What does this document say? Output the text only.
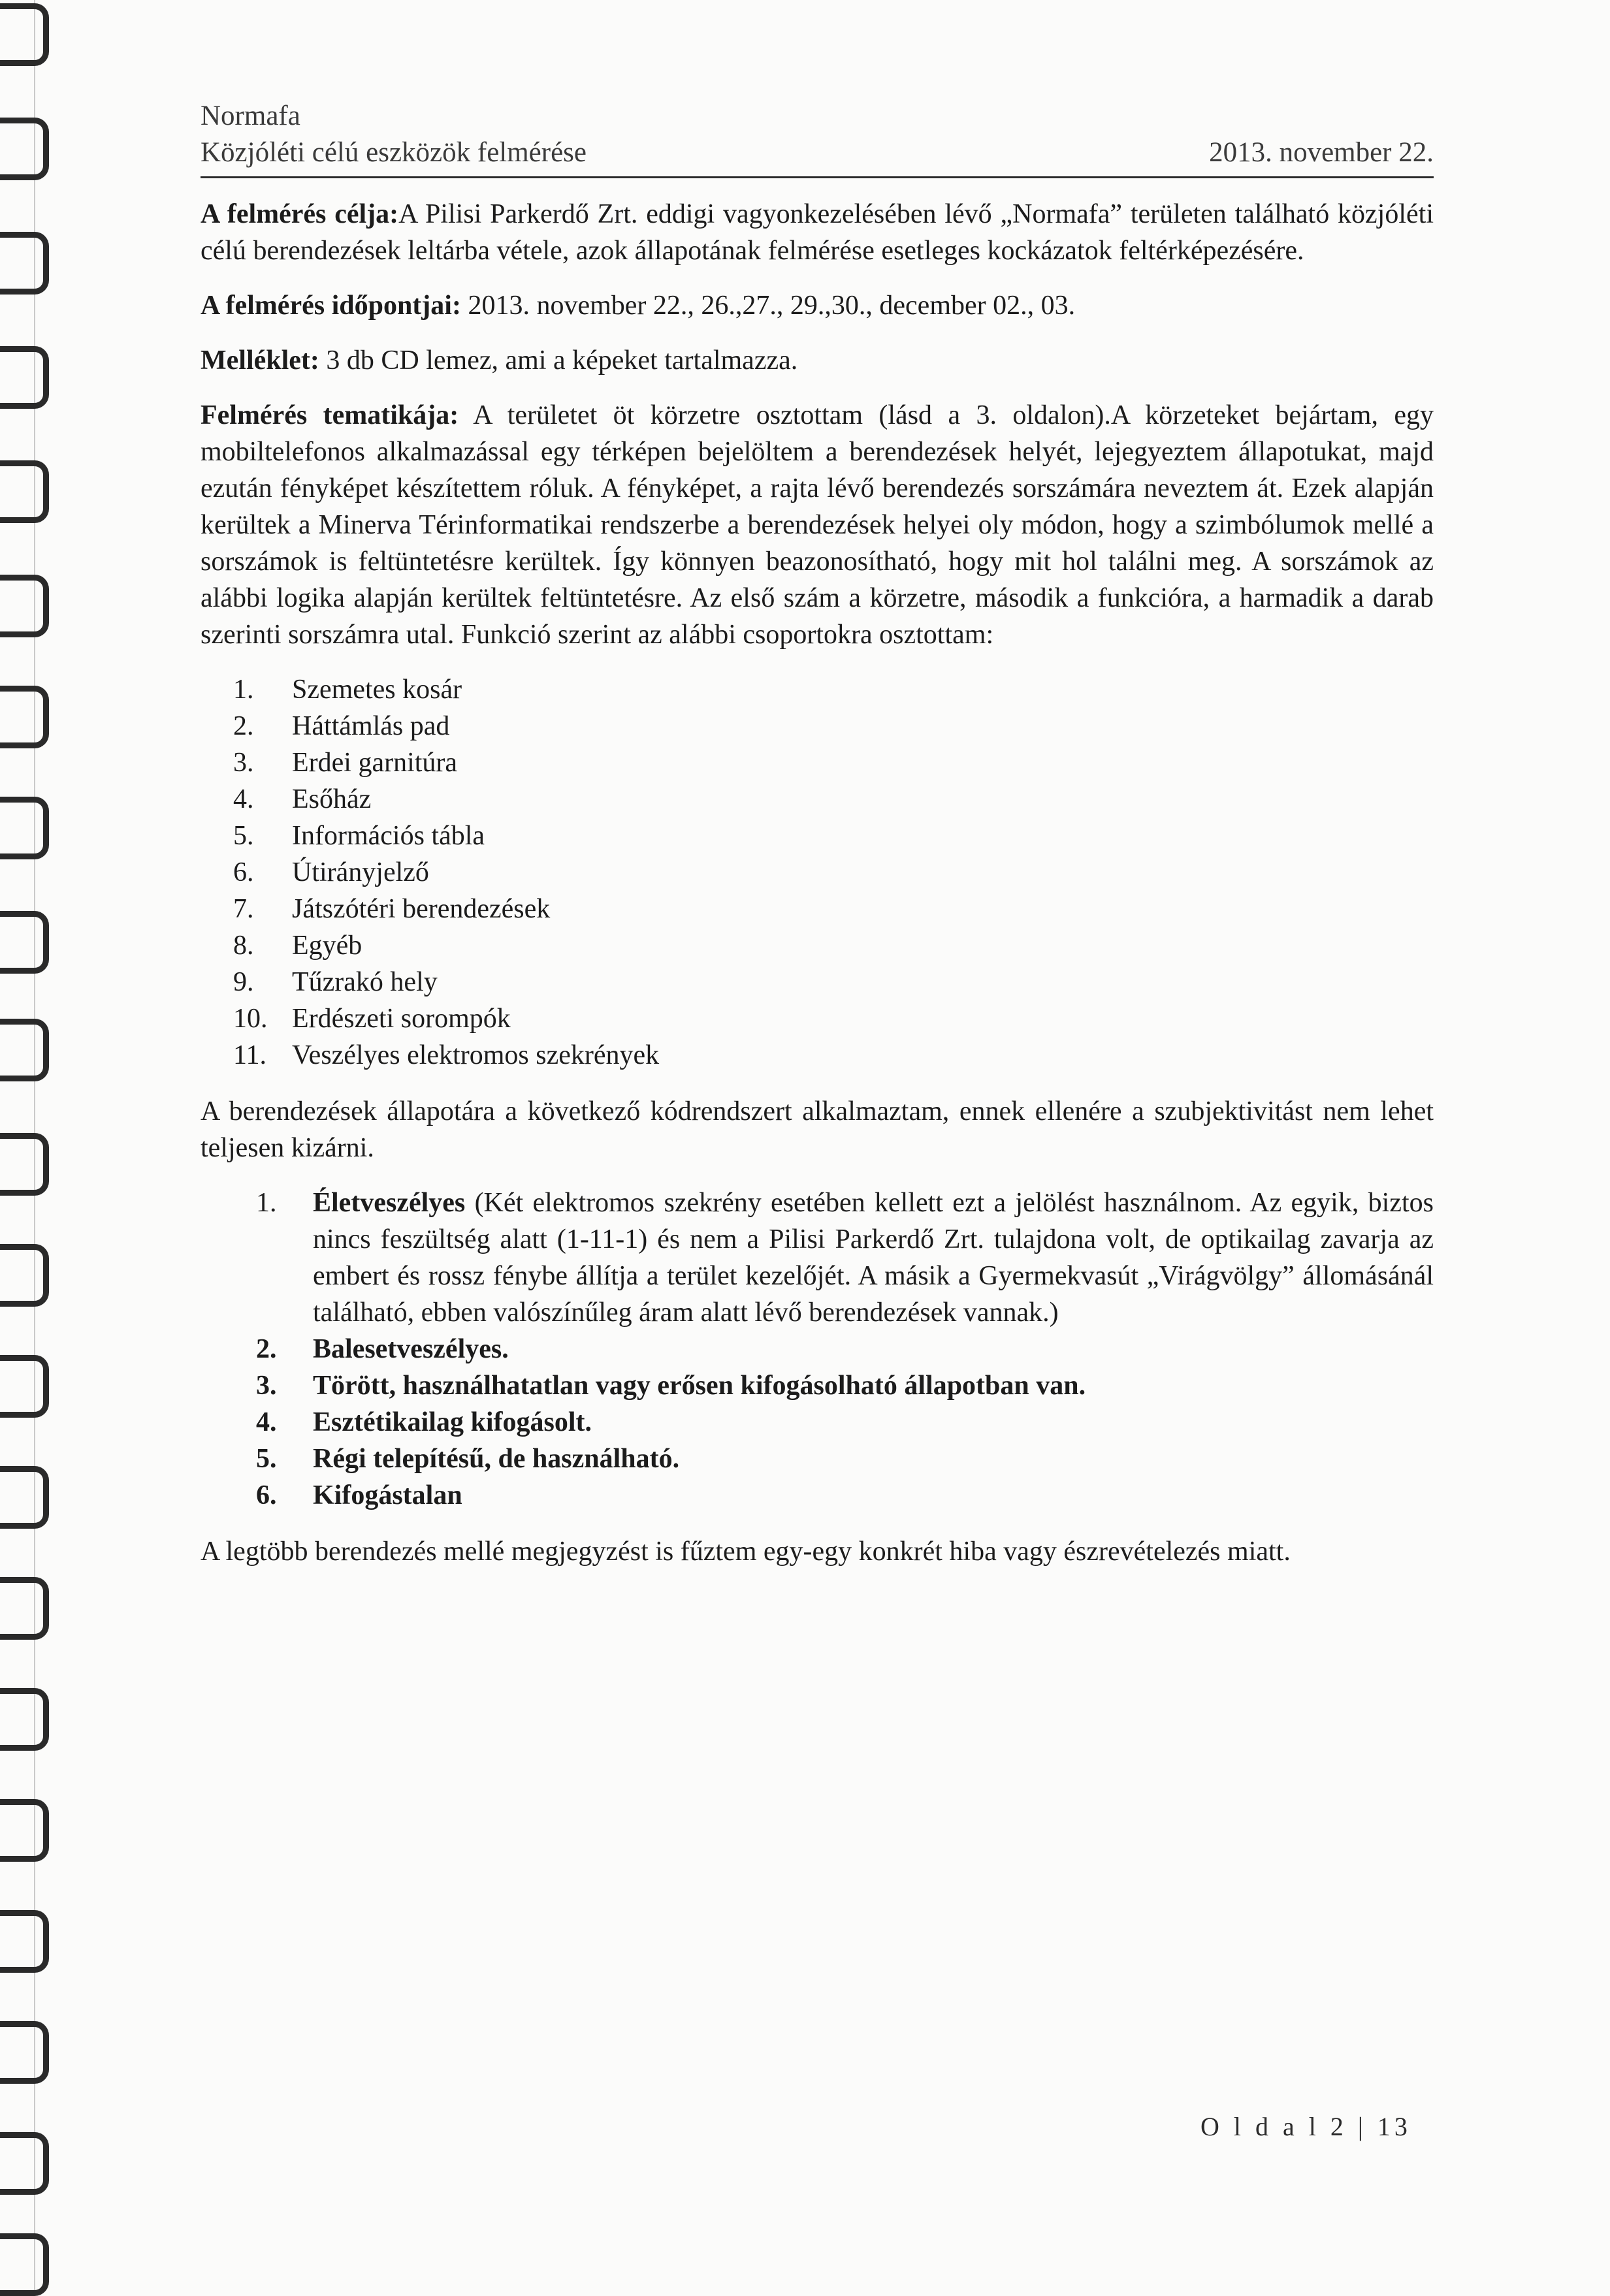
Normafa
Közjóléti célú eszközök felmérése	2013. november 22.

A felmérés célja:A Pilisi Parkerdő Zrt. eddigi vagyonkezelésében lévő „Normafa” területen található közjóléti célú berendezések leltárba vétele, azok állapotának felmérése esetleges kockázatok feltérképezésére.

A felmérés időpontjai: 2013. november 22., 26.,27., 29.,30., december 02., 03.

Melléklet: 3 db CD lemez, ami a képeket tartalmazza.

Felmérés tematikája: A területet öt körzetre osztottam (lásd a 3. oldalon).A körzeteket bejártam, egy mobiltelefonos alkalmazással egy térképen bejelöltem a berendezések helyét, lejegyeztem állapotukat, majd ezután fényképet készítettem róluk. A fényképet, a rajta lévő berendezés sorszámára neveztem át. Ezek alapján kerültek a Minerva Térinformatikai rendszerbe a berendezések helyei oly módon, hogy a szimbólumok mellé a sorszámok is feltüntetésre kerültek. Így könnyen beazonosítható, hogy mit hol találni meg. A sorszámok az alábbi logika alapján kerültek feltüntetésre. Az első szám a körzetre, második a funkcióra, a harmadik a darab szerinti sorszámra utal. Funkció szerint az alábbi csoportokra osztottam:

1.	Szemetes kosár
2.	Háttámlás pad
3.	Erdei garnitúra
4.	Esőház
5.	Információs tábla
6.	Útirányjelző
7.	Játszótéri berendezések
8.	Egyéb
9.	Tűzrakó hely
10. Erdészeti sorompók
11. Veszélyes elektromos szekrények

A berendezések állapotára a következő kódrendszert alkalmaztam, ennek ellenére a szubjektivitást nem lehet teljesen kizárni.

1.	Életveszélyes (Két elektromos szekrény esetében kellett ezt a jelölést használnom. Az egyik, biztos nincs feszültség alatt (1-11-1) és nem a Pilisi Parkerdő Zrt. tulajdona volt, de optikailag zavarja az embert és rossz fénybe állítja a terület kezelőjét. A másik a Gyermekvasút „Virágvölgy” állomásánál található, ebben valószínűleg áram alatt lévő berendezések vannak.)
2.	Balesetveszélyes.
3.	Törött, használhatatlan vagy erősen kifogásolható állapotban van.
4.	Esztétikailag kifogásolt.
5.	Régi telepítésű, de használható.
6.	Kifogástalan

A legtöbb berendezés mellé megjegyzést is fűztem egy-egy konkrét hiba vagy észrevételezés miatt.

O l d a l 2 | 13
